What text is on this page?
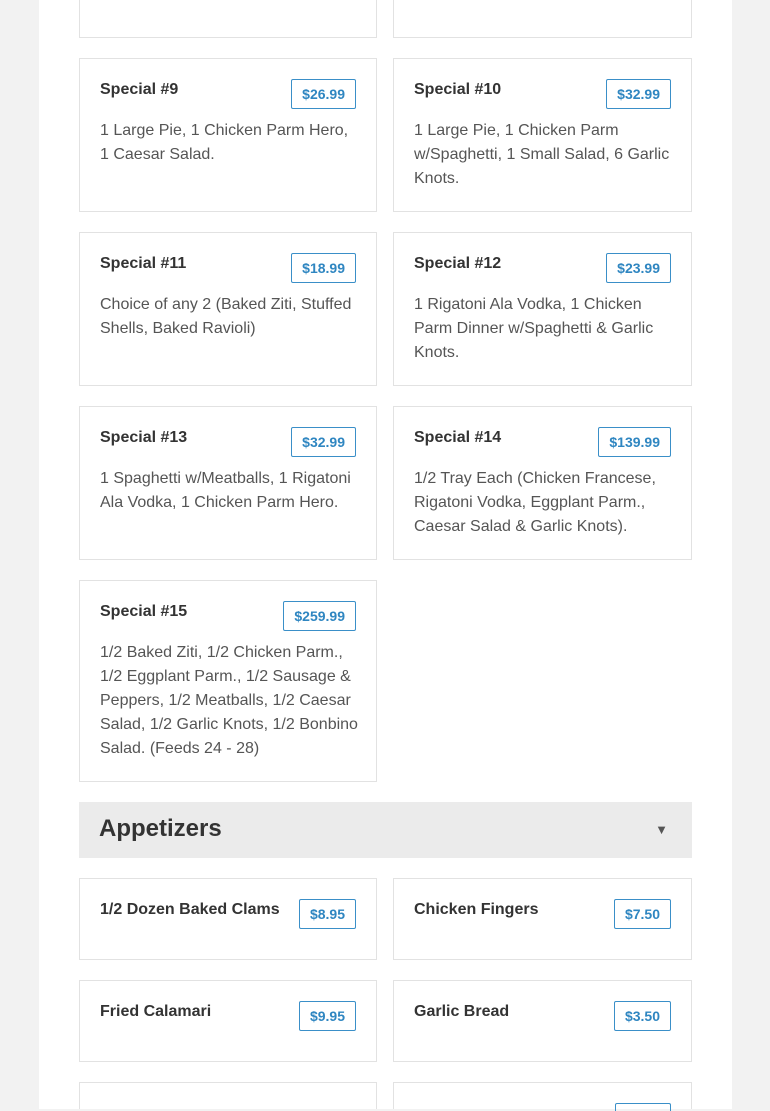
Special #9	$26.99
1 Large Pie, 1 Chicken Parm Hero, 1 Caesar Salad.
Special #10	$32.99
1 Large Pie, 1 Chicken Parm w/Spaghetti, 1 Small Salad, 6 Garlic Knots.
Special #11	$18.99
Choice of any 2 (Baked Ziti, Stuffed Shells, Baked Ravioli)
Special #12	$23.99
1 Rigatoni Ala Vodka, 1 Chicken Parm Dinner w/Spaghetti & Garlic Knots.
Special #13	$32.99
1 Spaghetti w/Meatballs, 1 Rigatoni Ala Vodka, 1 Chicken Parm Hero.
Special #14	$139.99
1/2 Tray Each (Chicken Francese, Rigatoni Vodka, Eggplant Parm., Caesar Salad & Garlic Knots).
Special #15	$259.99
1/2 Baked Ziti, 1/2 Chicken Parm., 1/2 Eggplant Parm., 1/2 Sausage & Peppers, 1/2 Meatballs, 1/2 Caesar Salad, 1/2 Garlic Knots, 1/2 Bonbino Salad. (Feeds 24 - 28)
Appetizers	▼
1/2 Dozen Baked Clams	$8.95	Chicken Fingers	$7.50
Fried Calamari	$9.95	Garlic Bread	$3.50
